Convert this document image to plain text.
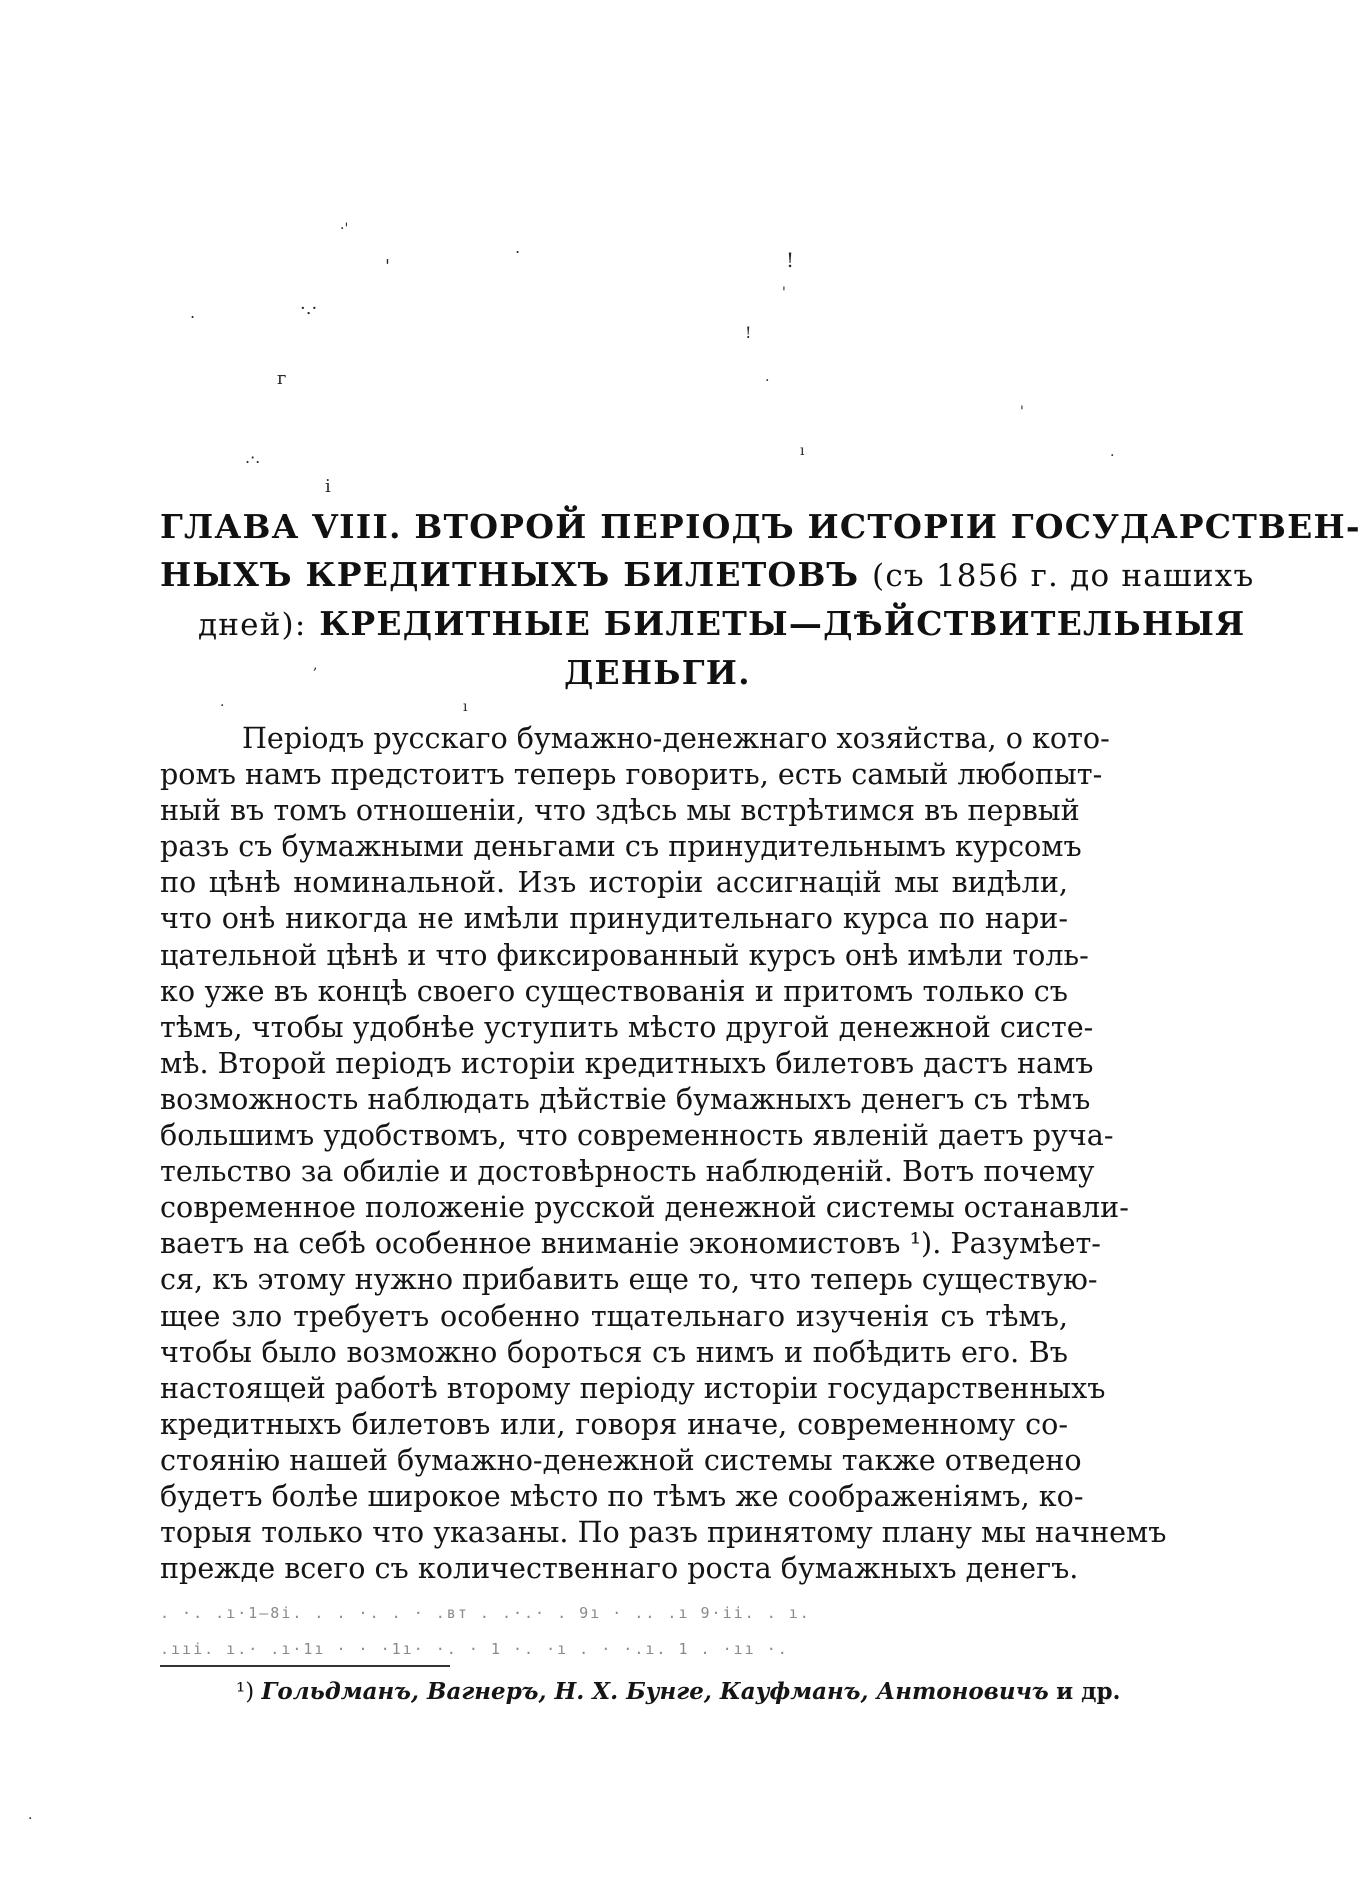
·'
'
.
!
'
·.·
.
!
г	.
'
.·.	ı	.
і
,
.	ı
.
ГЛАВА VIII. ВТОРОЙ ПЕРІОДЪ ИСТОРІИ ГОСУДАРСТВЕН-
НЫХЪ КРЕДИТНЫХЪ БИЛЕТОВЪ (съ 1856 г. до нашихъ
дней): КРЕДИТНЫЕ БИЛЕТЫ—ДѢЙСТВИТЕЛЬНЫЯ
ДЕНЬГИ.
Періодъ русскаго бумажно-денежнаго хозяйства, о кото-
ромъ намъ предстоитъ теперь говорить, есть самый любопыт-
ный въ томъ отношеніи, что здѣсь мы встрѣтимся въ первый
разъ съ бумажными деньгами съ принудительнымъ курсомъ
по цѣнѣ номинальной. Изъ исторіи ассигнацій мы видѣли,
что онѣ никогда не имѣли принудительнаго курса по нари-
цательной цѣнѣ и что фиксированный курсъ онѣ имѣли толь-
ко уже въ концѣ своего существованія и притомъ только съ
тѣмъ, чтобы удобнѣе уступить мѣсто другой денежной систе-
мѣ. Второй періодъ исторіи кредитныхъ билетовъ дастъ намъ
возможность наблюдать дѣйствіе бумажныхъ денегъ съ тѣмъ
большимъ удобствомъ, что современность явленій даетъ руча-
тельство за обиліе и достовѣрность наблюденій. Вотъ почему
современное положеніе русской денежной системы останавли-
ваетъ на себѣ особенное вниманіе экономистовъ ¹). Разумѣет-
ся, къ этому нужно прибавить еще то, что теперь существую-
щее зло требуетъ особенно тщательнаго изученія съ тѣмъ,
чтобы было возможно бороться съ нимъ и побѣдить его. Въ
настоящей работѣ второму періоду исторіи государственныхъ
кредитныхъ билетовъ или, говоря иначе, современному со-
стоянію нашей бумажно-денежной системы также отведено
будетъ болѣе широкое мѣсто по тѣмъ же соображеніямъ, ко-
торыя только что указаны. По разъ принятому плану мы начнемъ
прежде всего съ количественнаго роста бумажныхъ денегъ.
. ·. .ı·1—8і. . . ·. . · .вт . .·.· . 9ı · .. .ı 9·іі. . ı.
.ııі. ı.· .ı·1ı · · ·1ı· ·. · 1 ·. ·ı . · ·.ı. 1 . ·ıı ·.

¹) Гольдманъ, Вагнеръ, Н. Х. Бунге, Кауфманъ, Антоновичъ и др.
